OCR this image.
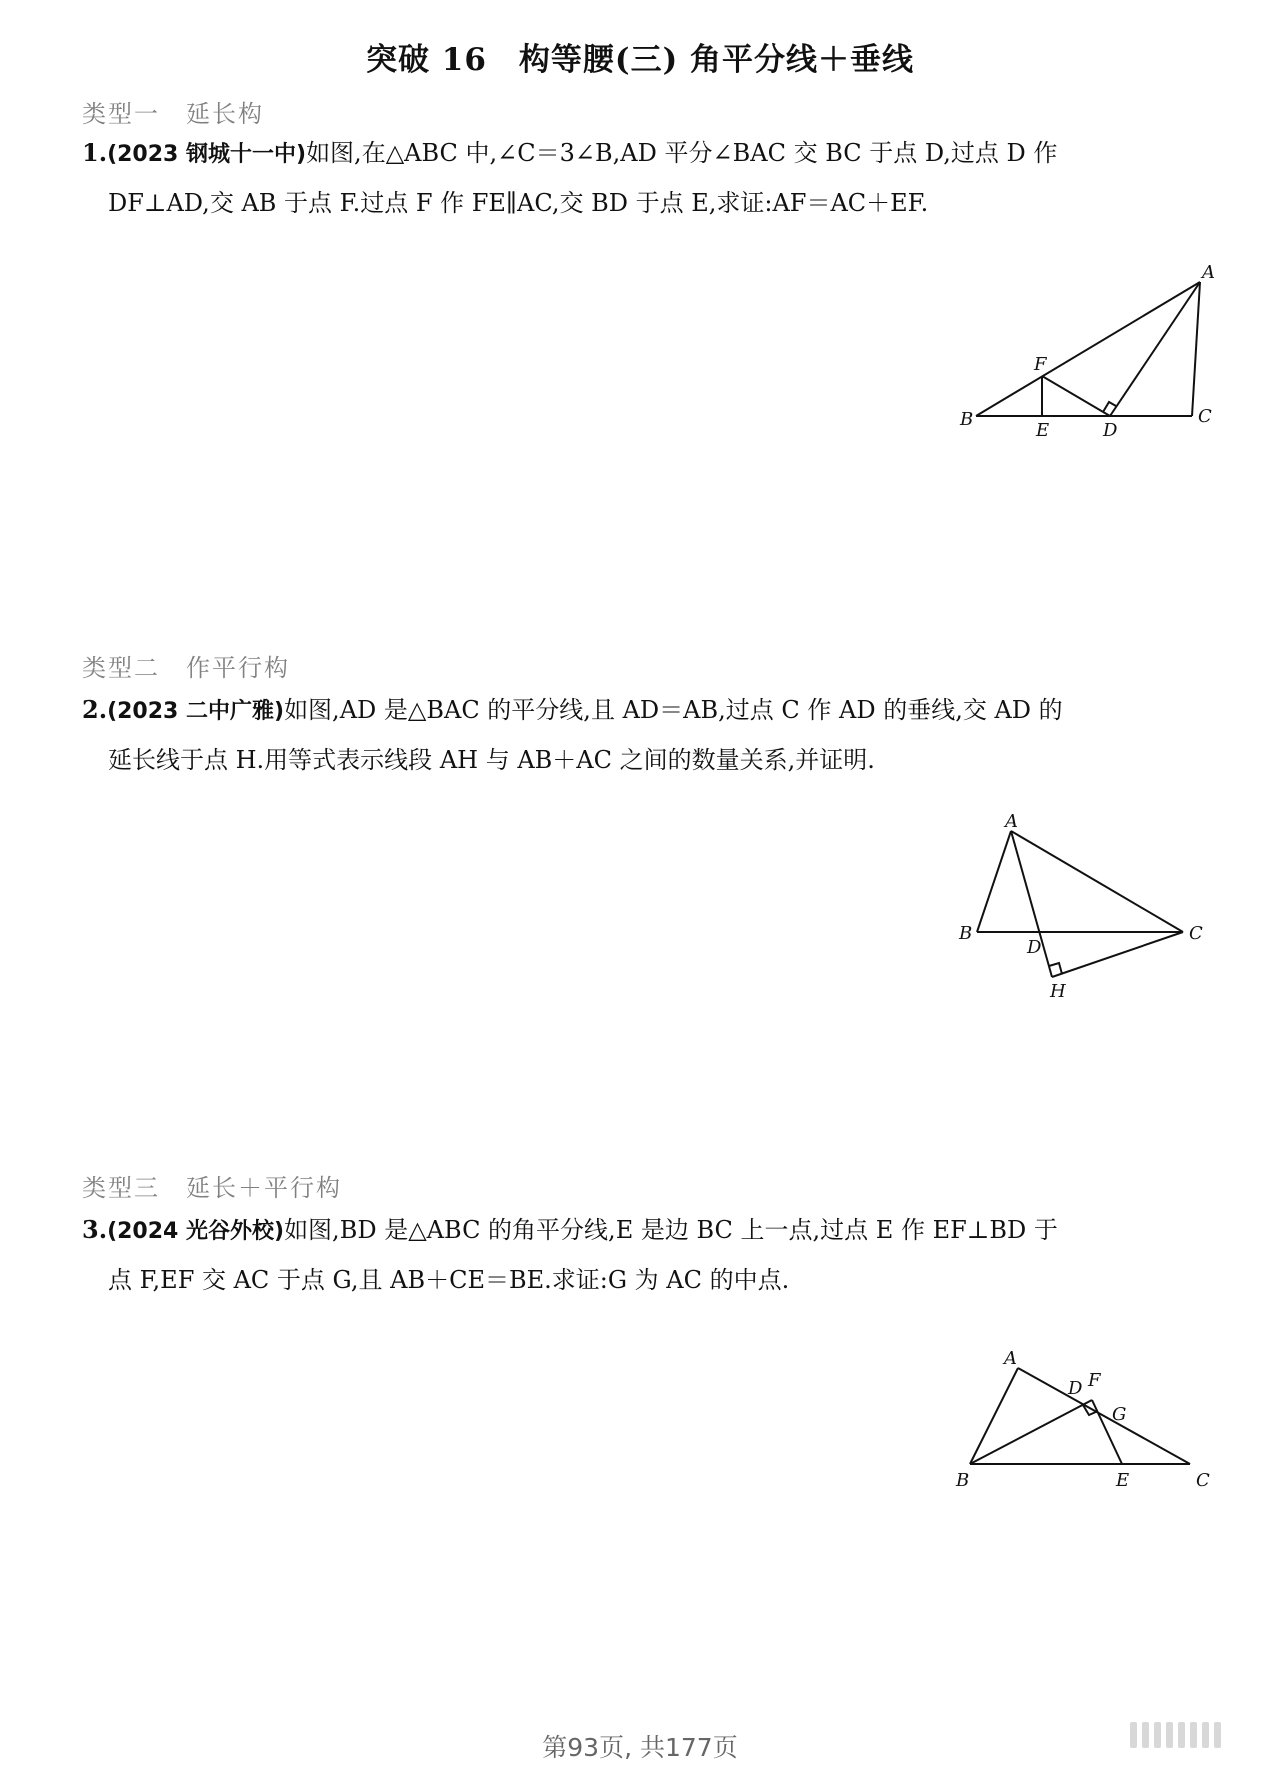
突破 16　构等腰(三) 角平分线＋垂线
类型一　延长构
1.(2023 钢城十一中)如图,在△ABC 中,∠C＝3∠B,AD 平分∠BAC 交 BC 于点 D,过点 D 作
DF⊥AD,交 AB 于点 F.过点 F 作 FE∥AC,交 BD 于点 E,求证:AF＝AC＋EF.
A
B	C
D
E
F
类型二　作平行构
2.(2023 二中广雅)如图,AD 是△BAC 的平分线,且 AD＝AB,过点 C 作 AD 的垂线,交 AD 的
延长线于点 H.用等式表示线段 AH 与 AB＋AC 之间的数量关系,并证明.
A
B	C
D
H
类型三　延长＋平行构
3.(2024 光谷外校)如图,BD 是△ABC 的角平分线,E 是边 BC 上一点,过点 E 作 EF⊥BD 于
点 F,EF 交 AC 于点 G,且 AB＋CE＝BE.求证:G 为 AC 的中点.
A
B	C
D
E
F
G
第93页, 共177页
